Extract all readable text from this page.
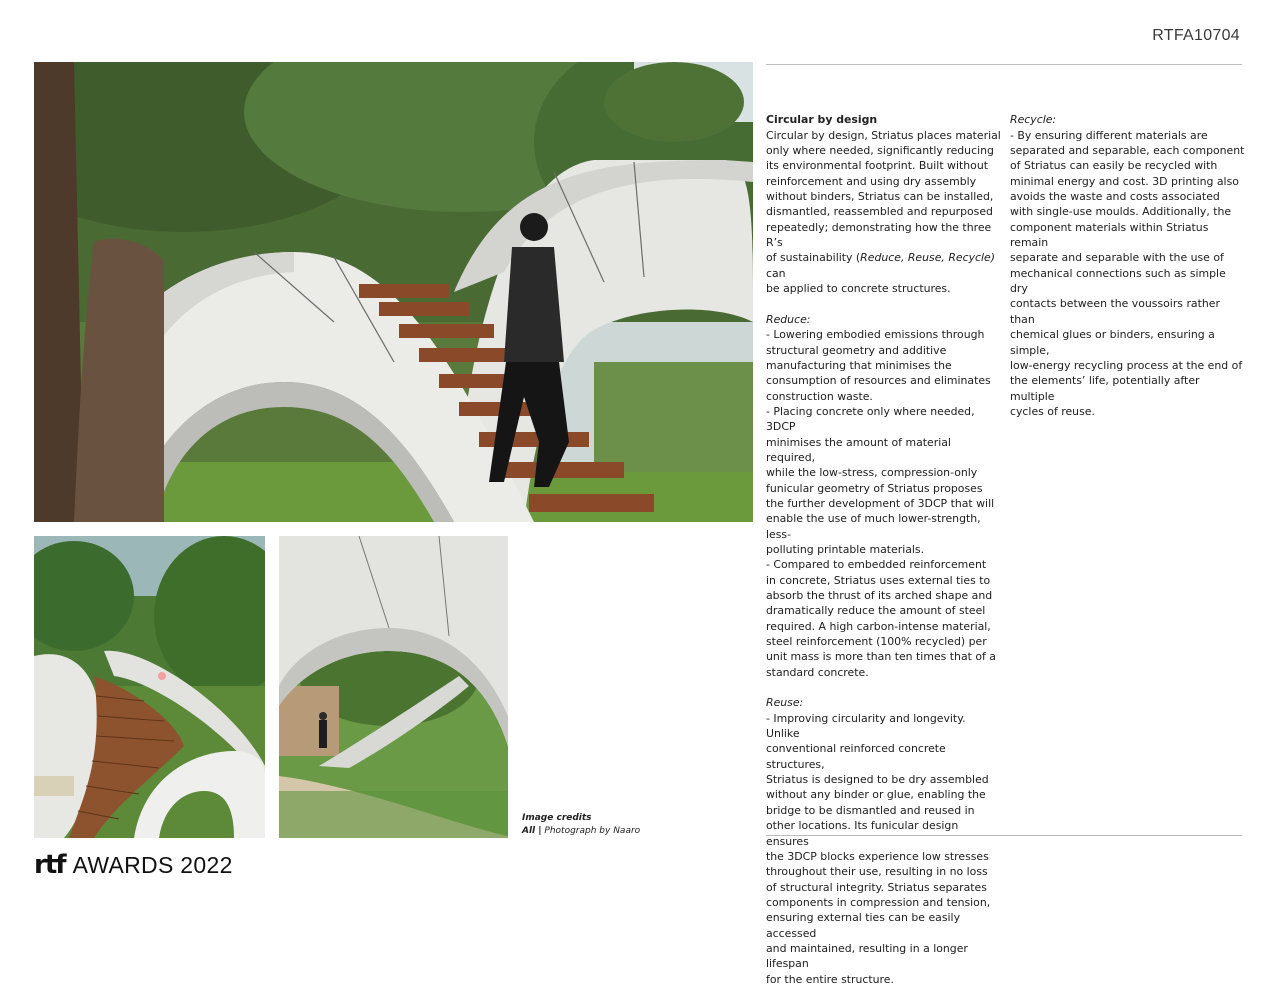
RTFA10704

Circular by design
Circular by design, Striatus places material
only where needed, significantly reducing
its environmental footprint. Built without
reinforcement and using dry assembly
without binders, Striatus can be installed,
dismantled, reassembled and repurposed
repeatedly; demonstrating how the three R’s
of sustainability (Reduce, Reuse, Recycle) can
be applied to concrete structures.

Reduce:
- Lowering embodied emissions through
structural geometry and additive
manufacturing that minimises the
consumption of resources and eliminates
construction waste.
- Placing concrete only where needed, 3DCP
minimises the amount of material required,
while the low-stress, compression-only
funicular geometry of Striatus proposes
the further development of 3DCP that will
enable the use of much lower-strength, less-
polluting printable materials.
- Compared to embedded reinforcement
in concrete, Striatus uses external ties to
absorb the thrust of its arched shape and
dramatically reduce the amount of steel
required. A high carbon-intense material,
steel reinforcement (100% recycled) per
unit mass is more than ten times that of a
standard concrete.

Reuse:
- Improving circularity and longevity. Unlike
conventional reinforced concrete structures,
Striatus is designed to be dry assembled
without any binder or glue, enabling the
bridge to be dismantled and reused in
other locations. Its funicular design ensures
the 3DCP blocks experience low stresses
throughout their use, resulting in no loss
of structural integrity. Striatus separates
components in compression and tension,
ensuring external ties can be easily accessed
and maintained, resulting in a longer lifespan
for the entire structure.

Recycle:
- By ensuring different materials are
separated and separable, each component
of Striatus can easily be recycled with
minimal energy and cost. 3D printing also
avoids the waste and costs associated
with single-use moulds. Additionally, the
component materials within Striatus remain
separate and separable with the use of
mechanical connections such as simple dry
contacts between the voussoirs rather than
chemical glues or binders, ensuring a simple,
low-energy recycling process at the end of
the elements’ life, potentially after multiple
cycles of reuse.

Image credits
All | Photograph by Naaro
rtf AWARDS 2022
